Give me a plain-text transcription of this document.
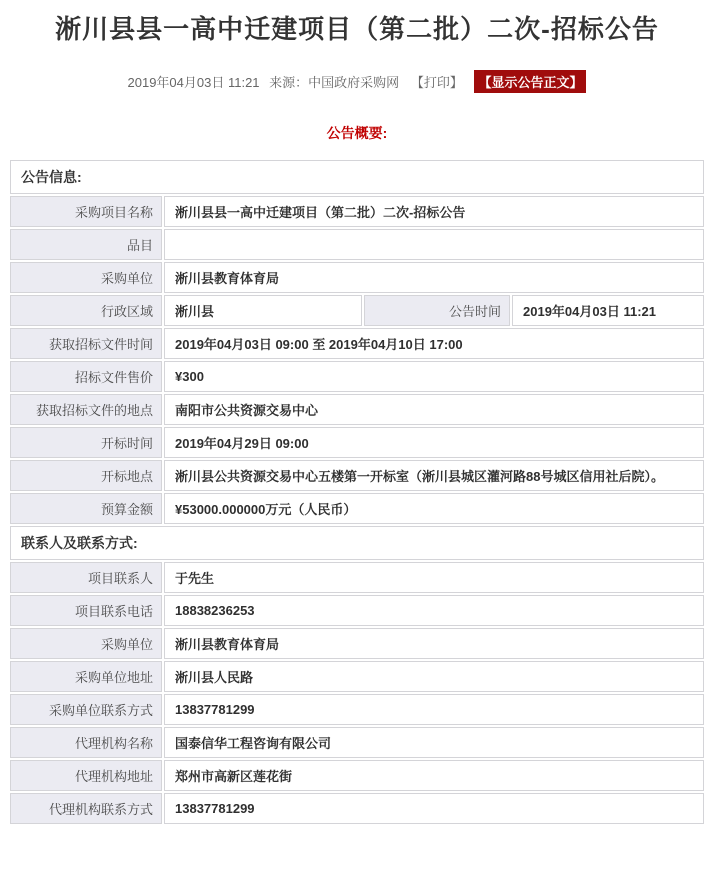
淅川县县一高中迁建项目（第二批）二次-招标公告
2019年04月03日 11:21 来源：中国政府采购网 【打印】 【显示公告正文】
公告概要:
公告信息:			
采购项目名称	淅川县县一高中迁建项目（第二批）二次-招标公告		
品目			
采购单位	淅川县教育体育局		
行政区域	淅川县	公告时间	2019年04月03日 11:21
获取招标文件时间	2019年04月03日 09:00 至 2019年04月10日 17:00		
招标文件售价	¥300		
获取招标文件的地点	南阳市公共资源交易中心		
开标时间	2019年04月29日 09:00		
开标地点	淅川县公共资源交易中心五楼第一开标室（淅川县城区灌河路88号城区信用社后院）。		
预算金额	¥53000.000000万元（人民币）		
联系人及联系方式:			
项目联系人	于先生		
项目联系电话	18838236253		
采购单位	淅川县教育体育局		
采购单位地址	淅川县人民路		
采购单位联系方式	13837781299		
代理机构名称	国泰信华工程咨询有限公司		
代理机构地址	郑州市高新区莲花街		
代理机构联系方式	13837781299		
